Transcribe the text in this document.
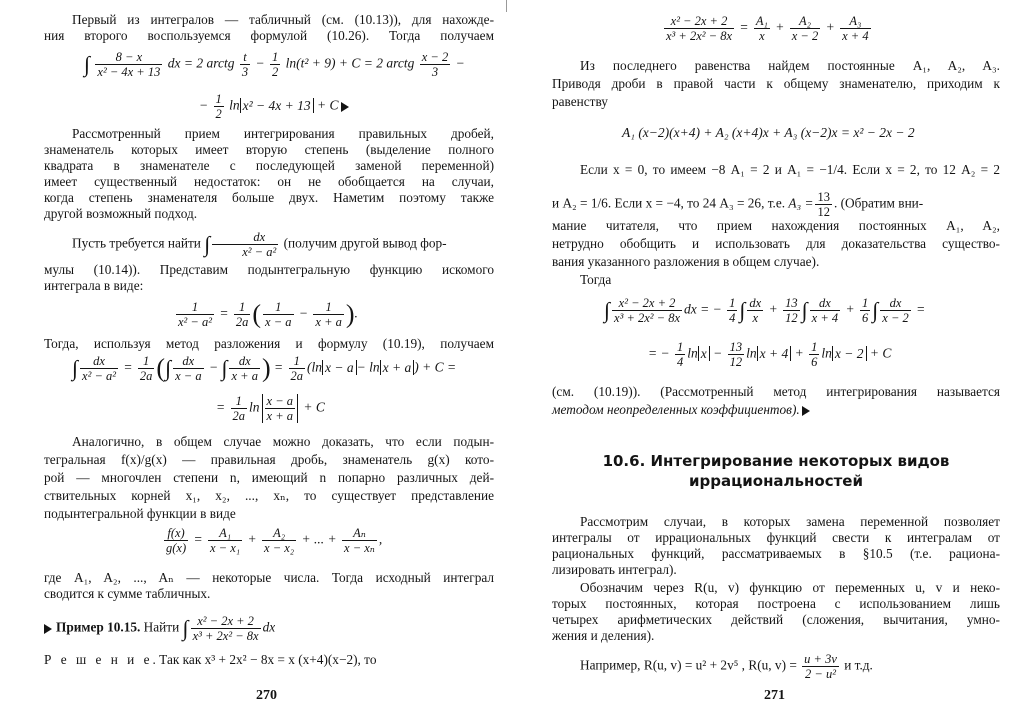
Первый из интегралов — табличный (см. (10.13)), для нахожде-
ния второго воспользуемся формулой (10.26). Тогда получаем
∫ $\frac{8 - x}{\text{x² − 4x + 13}}$ dx = 2 arctg $\frac{t}{3} - \frac{1}{2} \ln(t^2 + 9) + C = 2$ arctg $\frac{x - 2}{3}$ −
− $\frac{1}{2}$ ln x² − 4x + 13 + C
Рассмотренный прием интегрирования правильных дробей,
знаменатель которых имеет вторую степень (выделение полного
квадрата в знаменателе с последующей заменой переменной)
имеет существенный недостаток: он не обобщается на случаи,
когда степень знаменателя больше двух. Наметим поэтому также
другой возможный подход.
Пусть требуется найти ∫ $\frac{dx}{\text{x² − a²}}$ (получим другой вывод фор-
мулы (10.14)). Представим подынтегральную функцию искомого
интеграла в виде:
$\frac{1}{\text{x² − a²}} = \frac{1}{2a}$ ( $\frac{1}{x - a} - \frac{1}{x + a}$ ).
Тогда, используя метод разложения и формулу (10.19), получаем
∫ $\frac{dx}{\text{x² − a²}} = \frac{1}{2a}$ (∫ $\frac{dx}{x - a}$ − ∫ $\frac{dx}{x + a}$ ) = $\frac{1}{2a} (\ln$ x − a − ln x + a ) + C =
= $\frac{1}{2a}$ $\ln \frac{x - a}{x + a} + C$
Аналогично, в общем случае можно доказать, что если подын-
тегральная f(x)/g(x) — правильная дробь, знаменатель g(x) кото-
рой — многочлен степени n, имеющий n попарно различных дей-
ствительных корней x₁, x₂, ..., xₙ, то существует представление
подынтегральной функции в виде
$\frac{f(x)}{g(x)} = \frac{\text{A₁}}{\text{x − x₁}} + \frac{\text{A₂}}{\text{x − x₂}}$ + ... + $\frac{\text{Aₙ}}{\text{x − xₙ}}$ ,
где A₁, A₂, ..., Aₙ — некоторые числа. Тогда исходный интеграл
сводится к сумме табличных.
Пример 10.15. Найти ∫ $\frac{\text{x² − 2x + 2}}{\text{x³ + 2x² − 8x}}$ dx
Р е ш е н и е. Так как x³ + 2x² − 8x = x (x+4)(x−2), то
270
$\frac{\text{x² − 2x + 2}}{\text{x³ + 2x² − 8x}} = \frac{\text{A₁}}{x} + \frac{\text{A₂}}{x - 2} + \frac{\text{A₃}}{x + 4}$
Из последнего равенства найдем постоянные A₁, A₂, A₃.
Приводя дроби в правой части к общему знаменателю, приходим к
равенству
A₁ (x−2)(x+4) + A₂ (x+4)x + A₃ (x−2)x = x² − 2x − 2
Если x = 0, то имеем −8 A₁ = 2 и A₁ = −1/4. Если x = 2, то 12 A₂ = 2
и A₂ = 1/6. Если x = −4, то 24 A₃ = 26, т.е. $A_3 = \frac{13}{12}$ . (Обратим вни-
мание читателя, что прием нахождения постоянных A₁, A₂,
нетрудно обобщить и использовать для доказательства существо-
вания указанного разложения в общем случае).
Тогда
∫ $\frac{\text{x² − 2x + 2}}{\text{x³ + 2x² − 8x}}$ dx = − $\frac{1}{4}$ ∫ $\frac{dx}{x} + \frac{13}{12}$ ∫ $\frac{dx}{x + 4} + \frac{1}{6}$ ∫ $\frac{dx}{x - 2}$ =
= − $\frac{1}{4}$ $\ln x - \frac{13}{12}$ $\ln x + 4 + \frac{1}{6}$ ln x − 2 + C
(см. (10.19)). (Рассмотренный метод интегрирования называется
методом неопределенных коэффициентов).
10.6. Интегрирование некоторых видов
иррациональностей
Рассмотрим случаи, в которых замена переменной позволяет
интегралы от иррациональных функций свести к интегралам от
рациональных функций, рассматриваемых в §10.5 (т.е. рационa-
лизировать интеграл).
Обозначим через R(u, v) функцию от переменных u, v и неко-
торых постоянных, которая построена с использованием лишь
четырех арифметических действий (сложения, вычитания, умно-
жения и деления).
Например, R(u, v) = u² + 2v⁵ , R(u, $v) = \frac{u + 3v}{\text{2 − u²}}$ и т.д.
271
